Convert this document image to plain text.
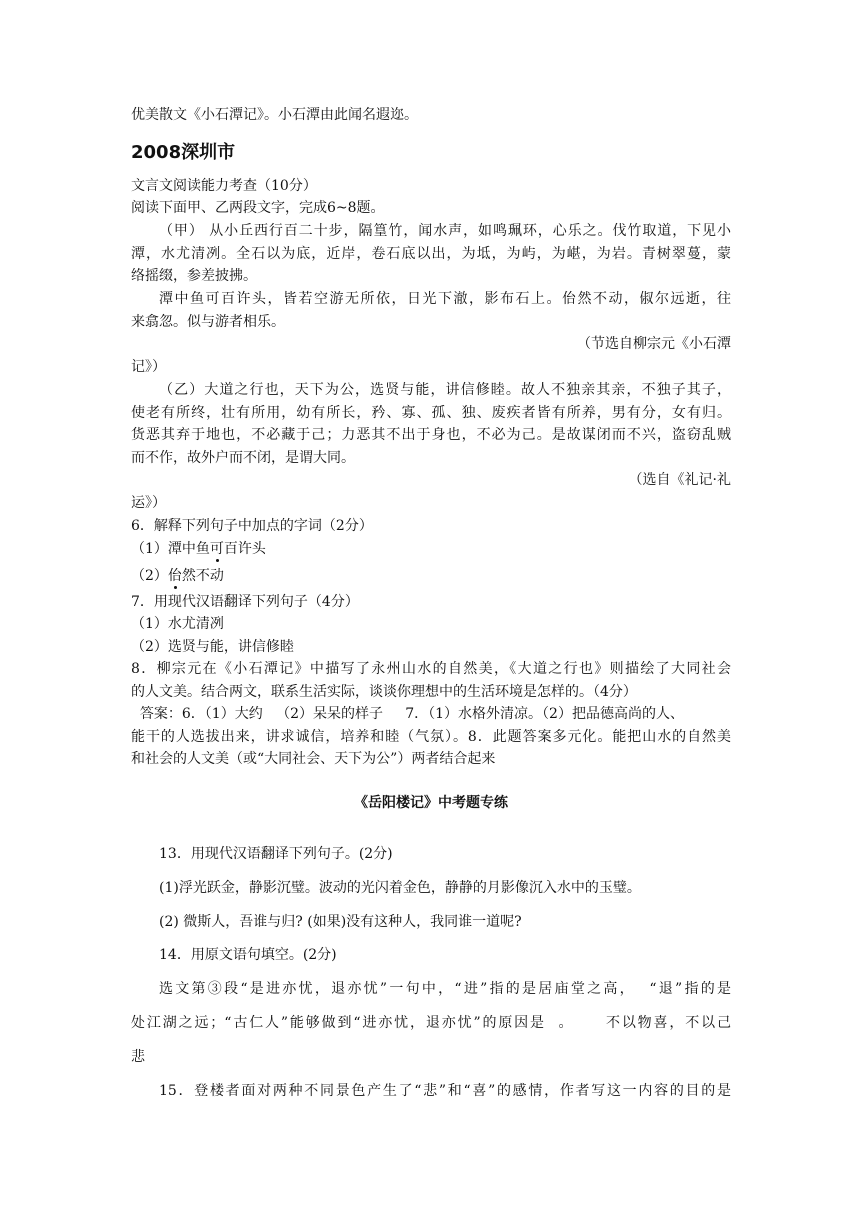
优美散文《小石潭记》。小石潭由此闻名遐迩。
2008深圳市
文言文阅读能力考查（10分）
阅读下面甲、乙两段文字，完成6~8题。
（甲） 从小丘西行百二十步，隔篁竹，闻水声，如鸣珮环，心乐之。伐竹取道，下见小
潭，水尤清冽。全石以为底，近岸，卷石底以出，为坻，为屿，为嵁，为岩。青树翠蔓，蒙
络摇缀，参差披拂。
潭中鱼可百许头，皆若空游无所依，日光下澈，影布石上。佁然不动，俶尔远逝，往
来翕忽。似与游者相乐。
（节选自柳宗元《小石潭
记》）
（乙）大道之行也，天下为公，选贤与能，讲信修睦。故人不独亲其亲，不独子其子，
使老有所终，壮有所用，幼有所长，矜、寡、孤、独、废疾者皆有所养，男有分，女有归。
货恶其弃于地也，不必藏于己；力恶其不出于身也，不必为己。是故谋闭而不兴，盗窃乱贼
而不作，故外户而不闭，是谓大同。
（选自《礼记·礼
运》）
6．解释下列句子中加点的字词（2分）
（1）潭中鱼可百许头
（2）佁然不动
7．用现代汉语翻译下列句子（4分）
（1）水尤清冽
（2）选贤与能，讲信修睦
8．柳宗元在《小石潭记》中描写了永州山水的自然美，《大道之行也》则描绘了大同社会
的人文美。结合两文，联系生活实际，谈谈你理想中的生活环境是怎样的。（4分）
答案：6．（1）大约   （2）呆呆的样子     7．（1）水格外清凉。（2）把品德高尚的人、
能干的人选拔出来，讲求诚信，培养和睦（气氛）。8．此题答案多元化。能把山水的自然美
和社会的人文美（或“大同社会、天下为公”）两者结合起来
《岳阳楼记》中考题专练
13．用现代汉语翻译下列句子。(2分)
(1)浮光跃金，静影沉璧。波动的光闪着金色，静静的月影像沉入水中的玉璧。
(2) 微斯人，吾谁与归? (如果)没有这种人，我同谁一道呢?
14．用原文语句填空。(2分)
选文第③段“是进亦忧，退亦忧”一句中，“进”指的是居庙堂之高，  “退”指的是
处江湖之远；“古仁人”能够做到“进亦忧，退亦忧”的原因是  。     不以物喜，不以己
悲
15．登楼者面对两种不同景色产生了“悲”和“喜”的感情，作者写这一内容的目的是
